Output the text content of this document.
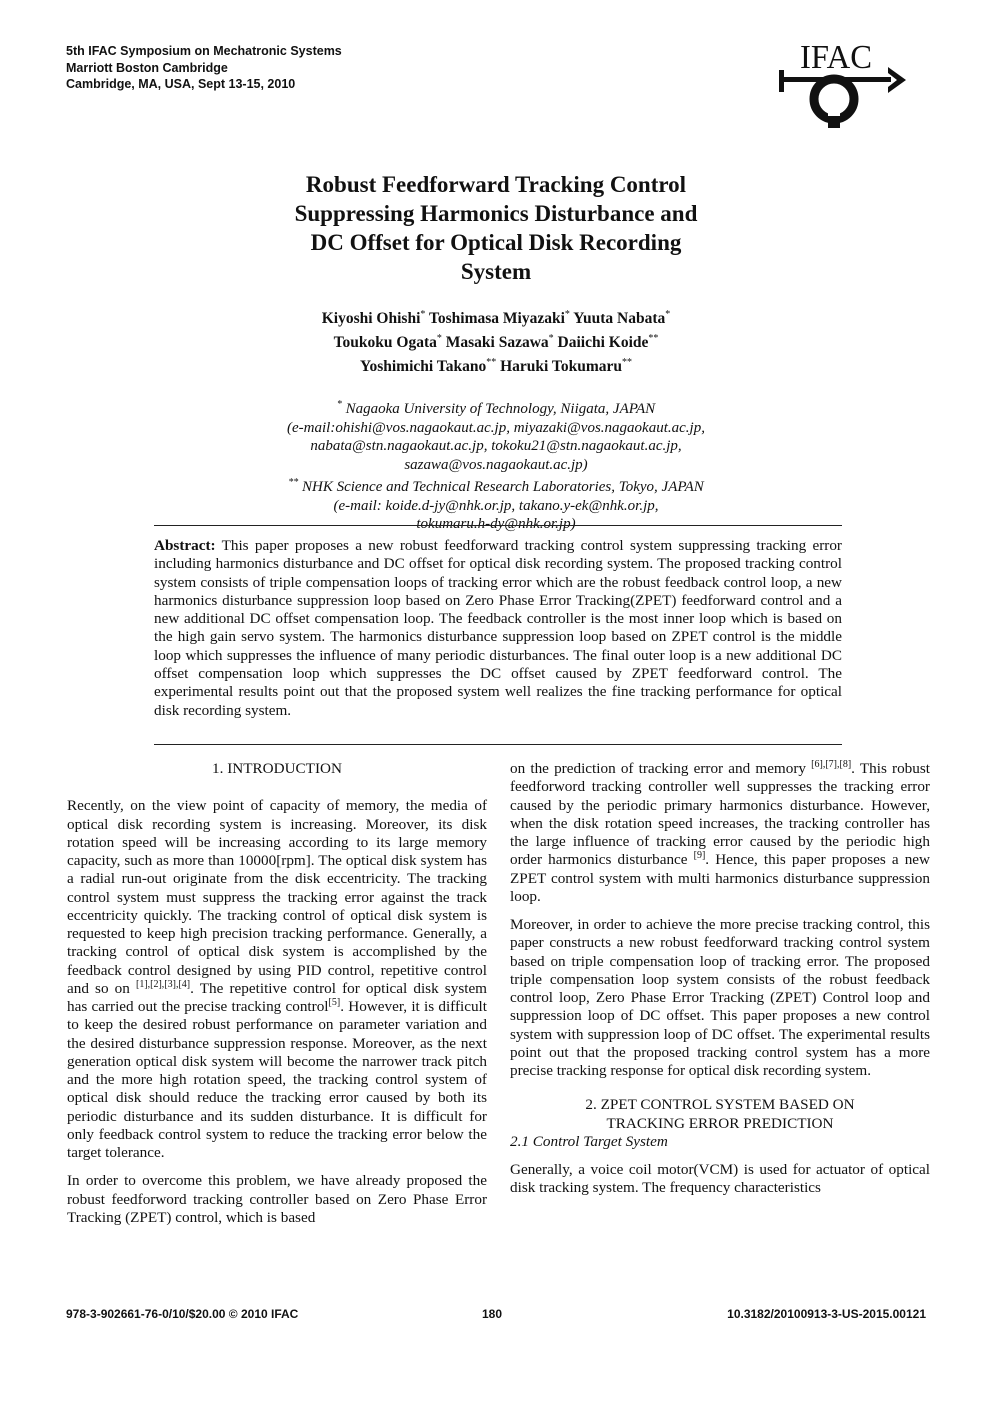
5th IFAC Symposium on Mechatronic Systems
Marriott Boston Cambridge
Cambridge, MA, USA, Sept 13-15, 2010
IFAC
Robust Feedforward Tracking Control
Suppressing Harmonics Disturbance and
DC Offset for Optical Disk Recording
System
Kiyoshi Ohishi* Toshimasa Miyazaki* Yuuta Nabata*
Toukoku Ogata* Masaki Sazawa* Daiichi Koide**
Yoshimichi Takano** Haruki Tokumaru**
* Nagaoka University of Technology, Niigata, JAPAN
(e-mail:ohishi@vos.nagaokaut.ac.jp, miyazaki@vos.nagaokaut.ac.jp,
nabata@stn.nagaokaut.ac.jp, tokoku21@stn.nagaokaut.ac.jp,
sazawa@vos.nagaokaut.ac.jp)
** NHK Science and Technical Research Laboratories, Tokyo, JAPAN
(e-mail: koide.d-jy@nhk.or.jp, takano.y-ek@nhk.or.jp,
tokumaru.h-dy@nhk.or.jp)
Abstract: This paper proposes a new robust feedforward tracking control system suppressing tracking error including harmonics disturbance and DC offset for optical disk recording system. The proposed tracking control system consists of triple compensation loops of tracking error which are the robust feedback control loop, a new harmonics disturbance suppression loop based on Zero Phase Error Tracking(ZPET) feedforward control and a new additional DC offset compensation loop. The feedback controller is the most inner loop which is based on the high gain servo system. The harmonics disturbance suppression loop based on ZPET control is the middle loop which suppresses the influence of many periodic disturbances. The final outer loop is a new additional DC offset compensation loop which suppresses the DC offset caused by ZPET feedforward control. The experimental results point out that the proposed system well realizes the fine tracking performance for optical disk recording system.

1. INTRODUCTION

Recently, on the view point of capacity of memory, the media of optical disk recording system is increasing. Moreover, its disk rotation speed will be increasing according to its large memory capacity, such as more than 10000[rpm]. The optical disk system has a radial run-out originate from the disk eccentricity. The tracking control system must suppress the tracking error against the track eccentricity quickly. The tracking control of optical disk system is requested to keep high precision tracking performance. Generally, a tracking control of optical disk system is accomplished by the feedback control designed by using PID control, repetitive control and so on [1],[2],[3],[4]. The repetitive control for optical disk system has carried out the precise tracking control[5]. However, it is difficult to keep the desired robust performance on parameter variation and the desired disturbance suppression response. Moreover, as the next generation optical disk system will become the narrower track pitch and the more high rotation speed, the tracking control system of optical disk should reduce the tracking error caused by both its periodic disturbance and its sudden disturbance. It is difficult for only feedback control system to reduce the tracking error below the target tolerance.

In order to overcome this problem, we have already proposed the robust feedforword tracking controller based on Zero Phase Error Tracking (ZPET) control, which is based

on the prediction of tracking error and memory [6],[7],[8]. This robust feedforword tracking controller well suppresses the tracking error caused by the periodic primary harmonics disturbance. However, when the disk rotation speed increases, the tracking controller has the large influence of tracking error caused by the periodic high order harmonics disturbance [9]. Hence, this paper proposes a new ZPET control system with multi harmonics disturbance suppression loop.

Moreover, in order to achieve the more precise tracking control, this paper constructs a new robust feedforward tracking control system based on triple compensation loop of tracking error. The proposed triple compensation loop system consists of the robust feedback control loop, Zero Phase Error Tracking (ZPET) Control loop and suppression loop of DC offset. This paper proposes a new control system with suppression loop of DC offset. The experimental results point out that the proposed tracking control system has a more precise tracking response for optical disk recording system.

2. ZPET CONTROL SYSTEM BASED ON
TRACKING ERROR PREDICTION

2.1 Control Target System

Generally, a voice coil motor(VCM) is used for actuator of optical disk tracking system. The frequency characteristics

978-3-902661-76-0/10/$20.00 © 2010 IFAC	180	10.3182/20100913-3-US-2015.00121
